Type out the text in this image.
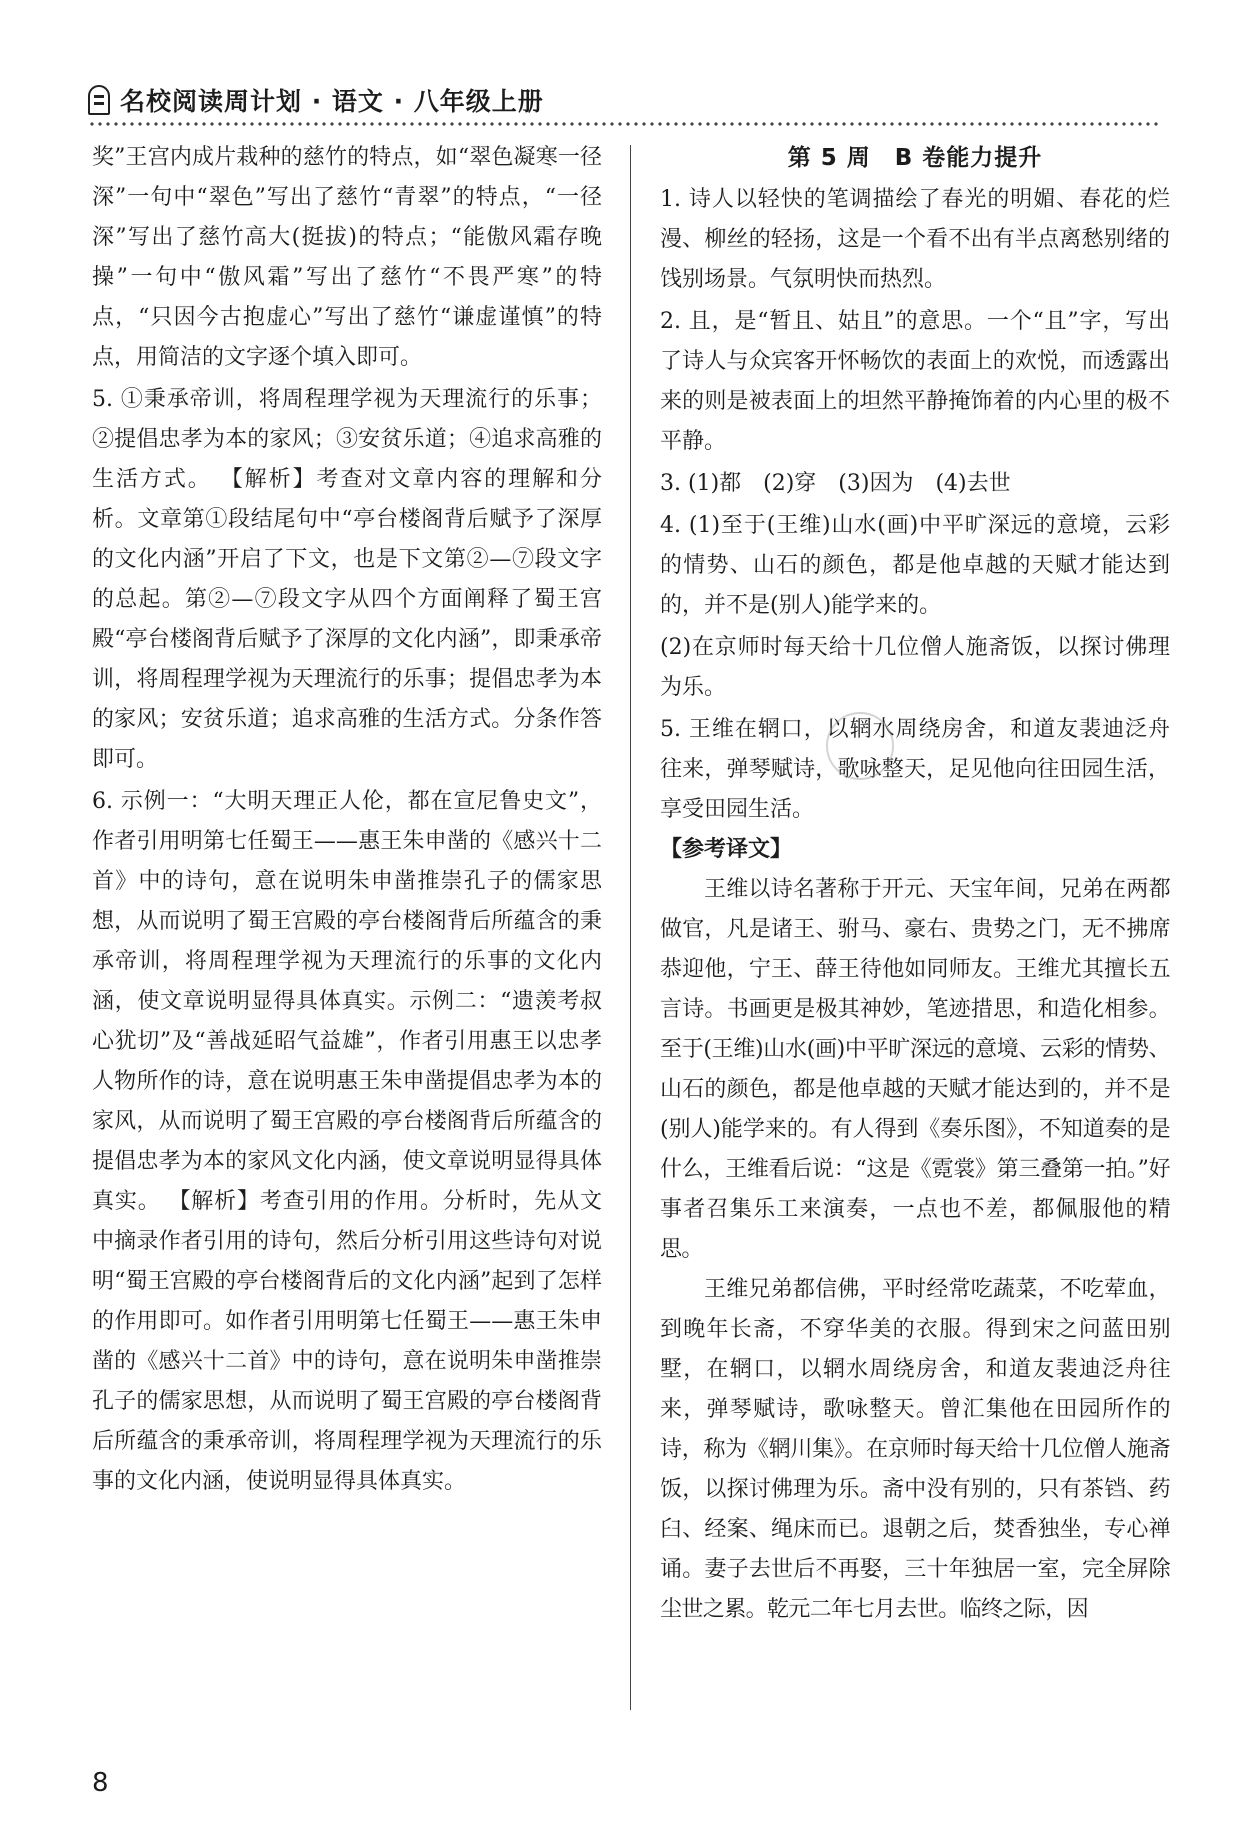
名校阅读周计划 · 语文 · 八年级上册

奖”王宫内成片栽种的慈竹的特点，如“翠色凝寒一径深”一句中“翠色”写出了慈竹“青翠”的特点，“一径深”写出了慈竹高大(挺拔)的特点；“能傲风霜存晚操”一句中“傲风霜”写出了慈竹“不畏严寒”的特点，“只因今古抱虚心”写出了慈竹“谦虚谨慎”的特点，用简洁的文字逐个填入即可。

5. ①秉承帝训，将周程理学视为天理流行的乐事；②提倡忠孝为本的家风；③安贫乐道；④追求高雅的生活方式。 【解析】考查对文章内容的理解和分析。文章第①段结尾句中“亭台楼阁背后赋予了深厚的文化内涵”开启了下文，也是下文第②—⑦段文字的总起。第②—⑦段文字从四个方面阐释了蜀王宫殿“亭台楼阁背后赋予了深厚的文化内涵”，即秉承帝训，将周程理学视为天理流行的乐事；提倡忠孝为本的家风；安贫乐道；追求高雅的生活方式。分条作答即可。

6. 示例一：“大明天理正人伦，都在宣尼鲁史文”，作者引用明第七任蜀王——惠王朱申凿的《感兴十二首》中的诗句，意在说明朱申凿推崇孔子的儒家思想，从而说明了蜀王宫殿的亭台楼阁背后所蕴含的秉承帝训，将周程理学视为天理流行的乐事的文化内涵，使文章说明显得具体真实。示例二：“遗羡考叔心犹切”及“善战延昭气益雄”，作者引用惠王以忠孝人物所作的诗，意在说明惠王朱申凿提倡忠孝为本的家风，从而说明了蜀王宫殿的亭台楼阁背后所蕴含的提倡忠孝为本的家风文化内涵，使文章说明显得具体真实。 【解析】考查引用的作用。分析时，先从文中摘录作者引用的诗句，然后分析引用这些诗句对说明“蜀王宫殿的亭台楼阁背后的文化内涵”起到了怎样的作用即可。如作者引用明第七任蜀王——惠王朱申凿的《感兴十二首》中的诗句，意在说明朱申凿推崇孔子的儒家思想，从而说明了蜀王宫殿的亭台楼阁背后所蕴含的秉承帝训，将周程理学视为天理流行的乐事的文化内涵，使说明显得具体真实。

第 5 周　B 卷能力提升

1. 诗人以轻快的笔调描绘了春光的明媚、春花的烂漫、柳丝的轻扬，这是一个看不出有半点离愁别绪的饯别场景。气氛明快而热烈。

2. 且，是“暂且、姑且”的意思。一个“且”字，写出了诗人与众宾客开怀畅饮的表面上的欢悦，而透露出来的则是被表面上的坦然平静掩饰着的内心里的极不平静。

3. (1)都　(2)穿　(3)因为　(4)去世

4. (1)至于(王维)山水(画)中平旷深远的意境，云彩的情势、山石的颜色，都是他卓越的天赋才能达到的，并不是(别人)能学来的。

(2)在京师时每天给十几位僧人施斋饭，以探讨佛理为乐。

5. 王维在辋口，以辋水周绕房舍，和道友裴迪泛舟往来，弹琴赋诗，歌咏整天，足见他向往田园生活，享受田园生活。

【参考译文】

王维以诗名著称于开元、天宝年间，兄弟在两都做官，凡是诸王、驸马、豪右、贵势之门，无不拂席恭迎他，宁王、薛王待他如同师友。王维尤其擅长五言诗。书画更是极其神妙，笔迹措思，和造化相参。至于(王维)山水(画)中平旷深远的意境、云彩的情势、山石的颜色，都是他卓越的天赋才能达到的，并不是(别人)能学来的。有人得到《奏乐图》，不知道奏的是什么，王维看后说：“这是《霓裳》第三叠第一拍。”好事者召集乐工来演奏，一点也不差，都佩服他的精思。

王维兄弟都信佛，平时经常吃蔬菜，不吃荤血，到晚年长斋，不穿华美的衣服。得到宋之问蓝田别墅，在辋口，以辋水周绕房舍，和道友裴迪泛舟往来，弹琴赋诗，歌咏整天。曾汇集他在田园所作的诗，称为《辋川集》。在京师时每天给十几位僧人施斋饭，以探讨佛理为乐。斋中没有别的，只有茶铛、药臼、经案、绳床而已。退朝之后，焚香独坐，专心禅诵。妻子去世后不再娶，三十年独居一室，完全屏除尘世之累。乾元二年七月去世。临终之际，因

8
